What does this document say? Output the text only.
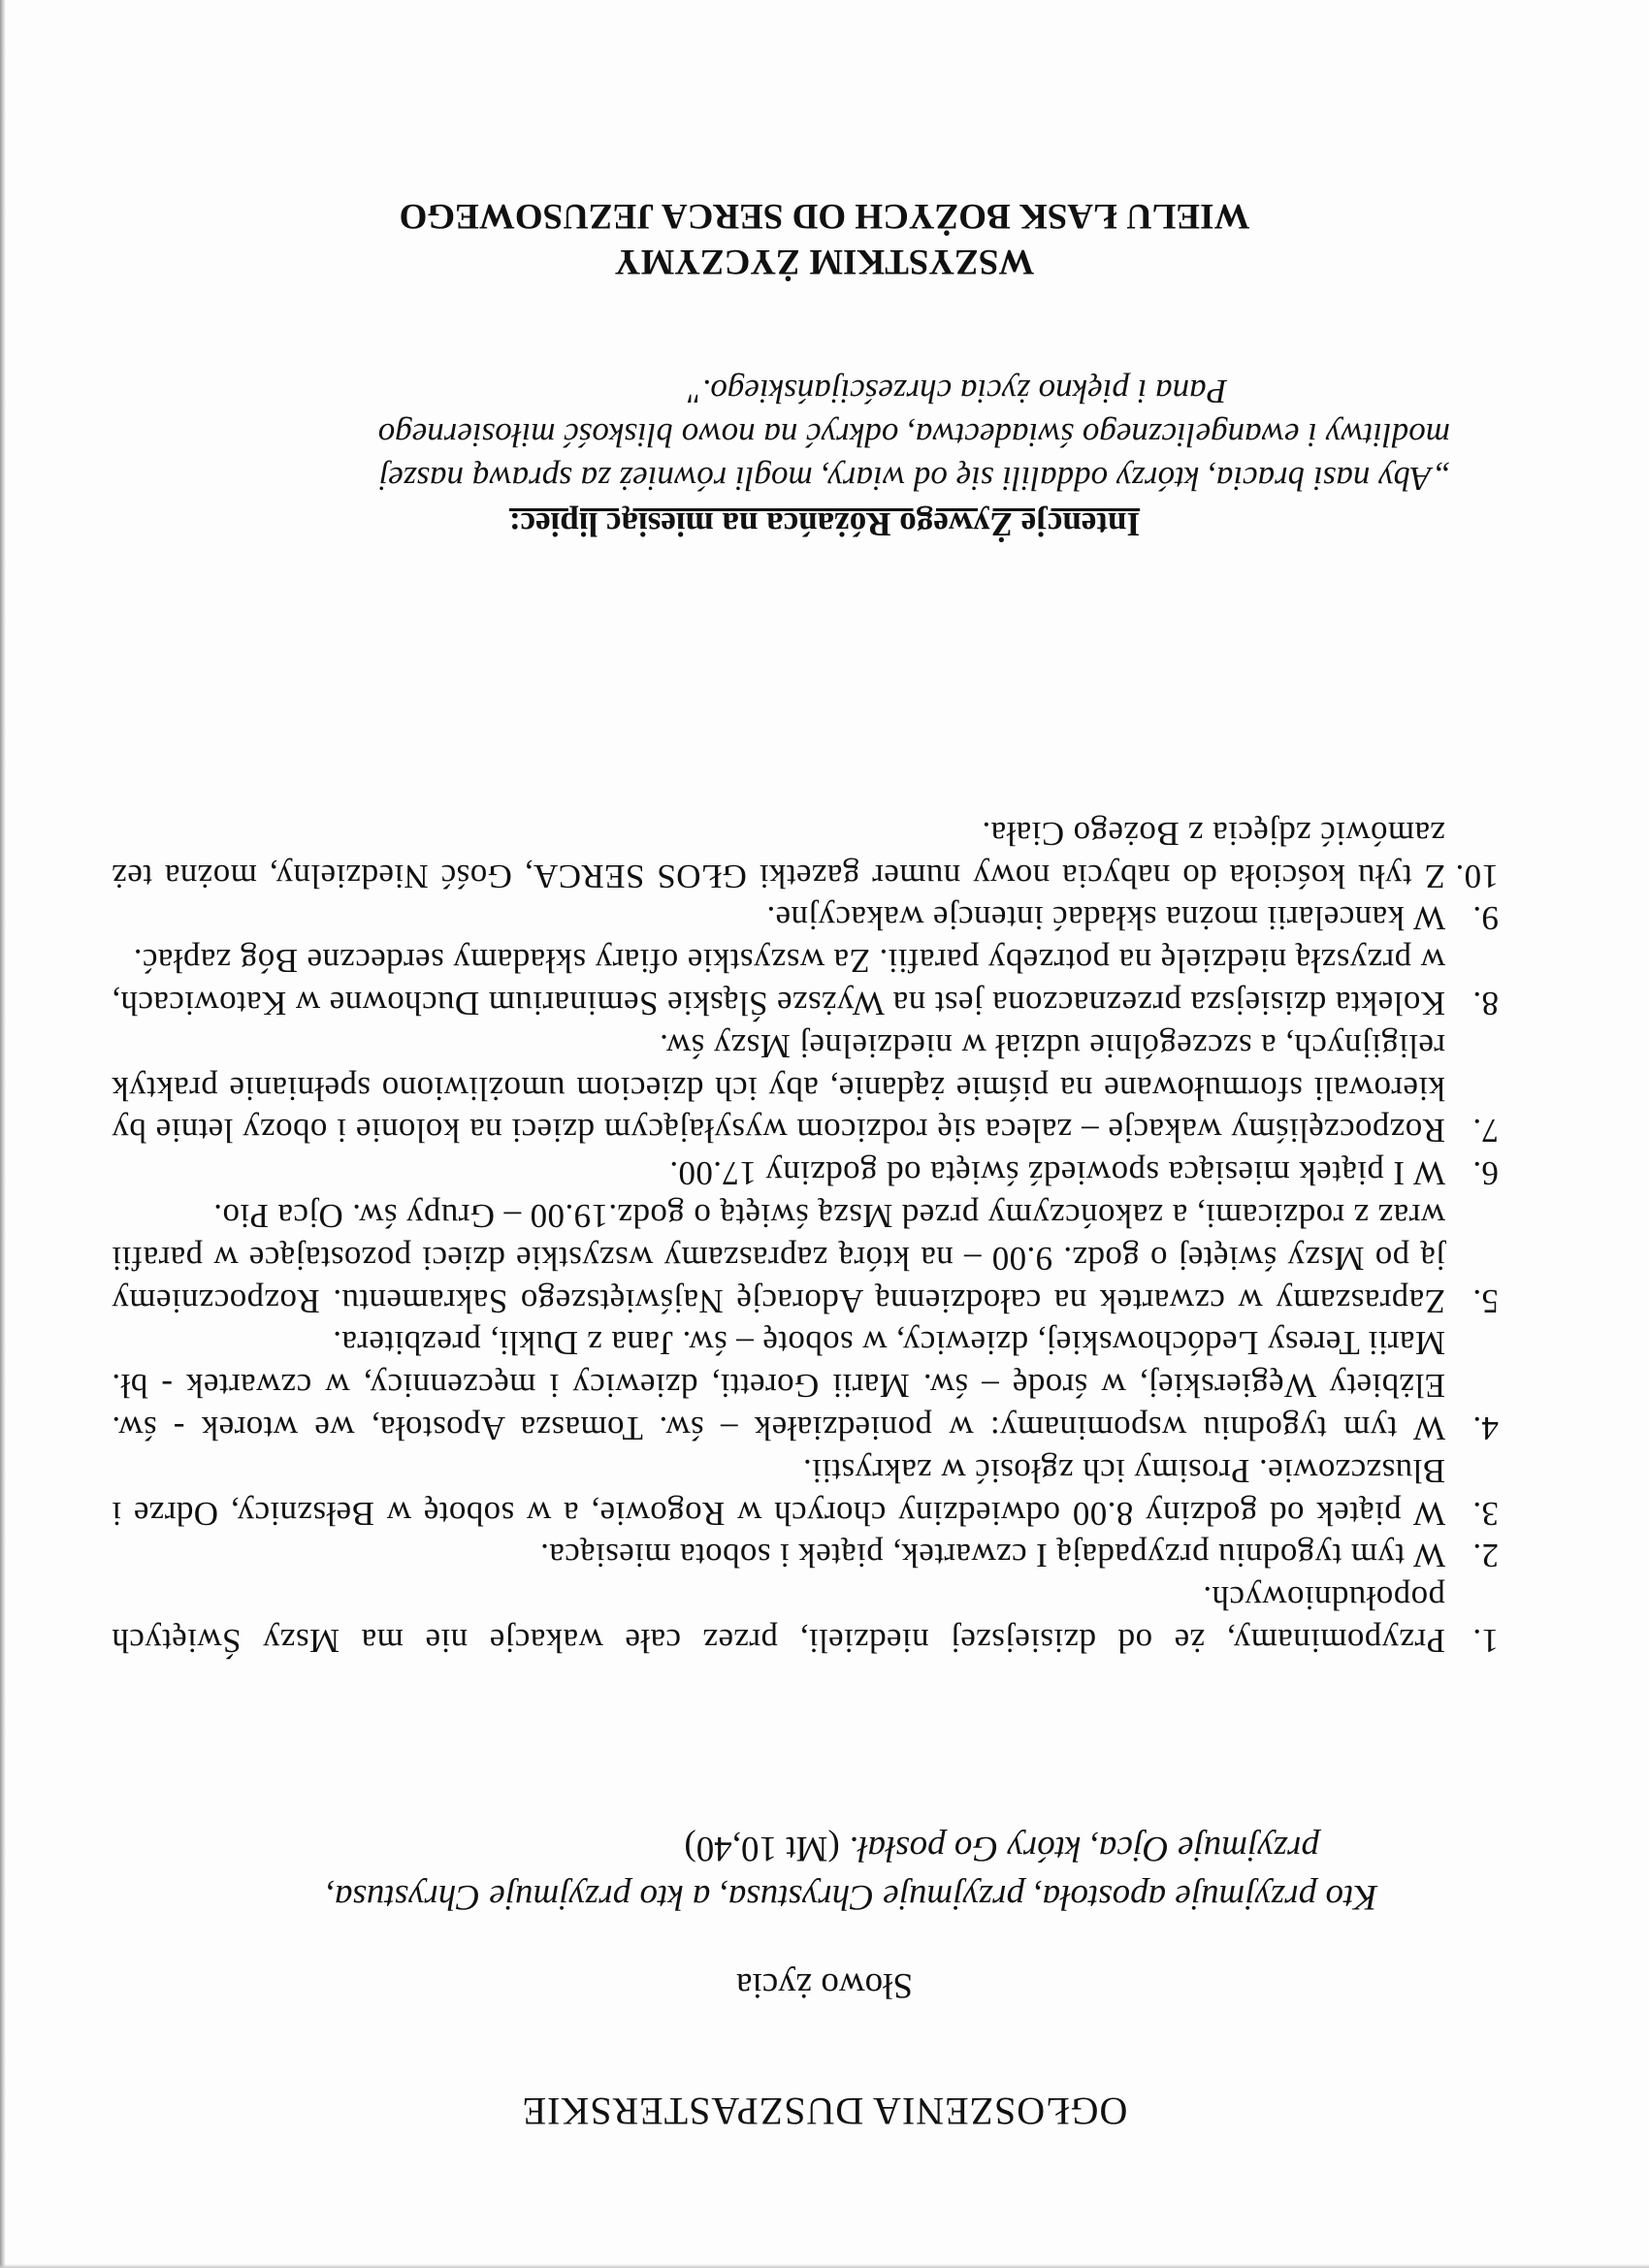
OGŁOSZENIA DUSZPASTERSKIE

Słowo życia

Kto przyjmuje apostoła, przyjmuje Chrystusa, a kto przyjmuje Chrystusa,
przyjmuje Ojca, który Go posłał. (Mt 10,40)
1.
Przypominamy, że od dzisiejszej niedzieli, przez całe wakacje nie ma Mszy Świętych popołudniowych.
2.
W tym tygodniu przypadają I czwartek, piątek i sobota miesiąca.
3.
W piątek od godziny 8.00 odwiedziny chorych w Rogowie, a w sobotę w Bełszniсy, Odrze i Bluszczowie. Prosimy ich zgłosić w zakrystii.
4.
W tym tygodniu wspominamy: w poniedziałek – św. Tomasza Apostoła, we wtorek - św. Elżbiety Węgierskiej, w środę – św. Marii Goretti, dziewicy i męczennicy, w czwartek - bł. Marii Teresy Ledóchowskiej, dziewicy, w sobotę – św. Jana z Dukli, prezbitera.
5.
Zapraszamy w czwartek na całodzienną Adorację Najświętszego Sakramentu. Rozpoczniemy ją po Mszy świętej o godz. 9.00 – na którą zapraszamy wszystkie dzieci pozostające w parafii wraz z rodzicami, a zakończymy przed Mszą świętą o godz.19.00 – Grupy św. Ojca Pio.
6.
W I piątek miesiąca spowiedź święta od godziny 17.00.
7.
Rozpoczęliśmy wakacje – zaleca się rodzicom wysyłającym dzieci na kolonie i obozy letnie by kierowali sformułowane na piśmie żądanie, aby ich dzieciom umożliwiono spełnianie praktyk religijnych, a szczególnie udział w niedzielnej Mszy św.
8.
Kolekta dzisiejsza przeznaczona jest na Wyższe Śląskie Seminarium Duchowne w Katowicach, w przyszłą niedzielę na potrzeby parafii. Za wszystkie ofiary składamy serdeczne Bóg zapłać.
9.
W kancelarii można składać intencje wakacyjne.
10.
Z tyłu kościoła do nabycia nowy numer gazetki GŁOS SERCA, Gość Niedzielny, można też zamówić zdjęcia z Bożego Ciała.

Intencje Żywego Różańca na miesiąc lipiec:

„Aby nasi bracia, którzy oddalili się od wiary, mogli również za sprawą naszej
modlitwy i ewangelicznego świadectwa, odkryć na nowo bliskość miłosiernego
Pana i piękno życia chrześcijańskiego."
WSZYSTKIM ŻYCZYMY
WIELU ŁASK BOŻYCH OD SERCA JEZUSOWEGO
